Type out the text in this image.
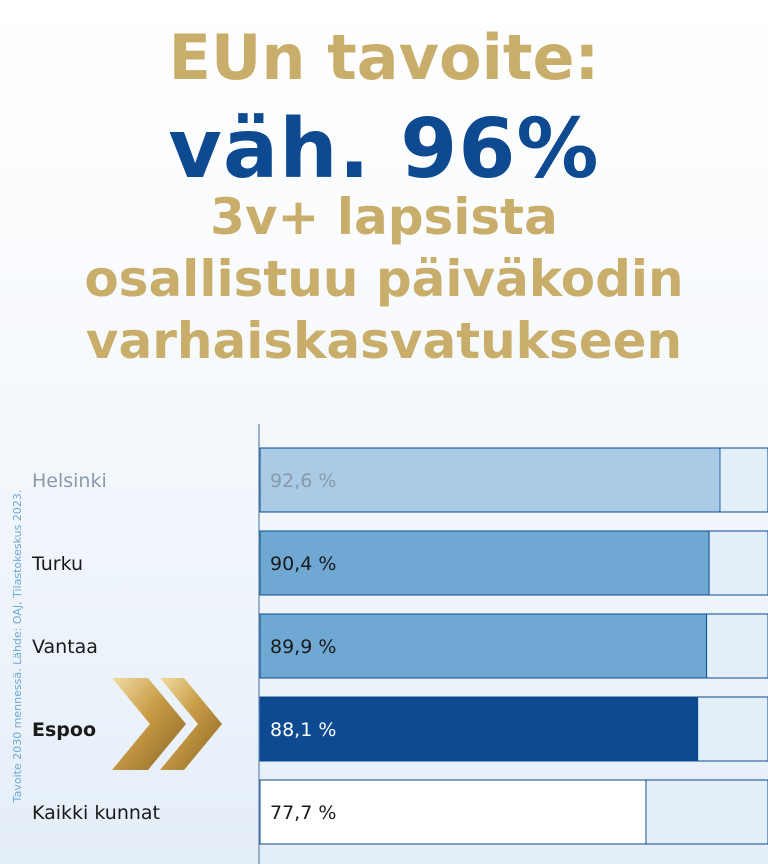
EUn tavoite:
väh. 96%
3v+ lapsista
osallistuu päiväkodin
varhaiskasvatukseen
Helsinki	92,6 %
Turku	90,4 %
Vantaa	89,9 %
Espoo	88,1 %
Kaikki kunnat	77,7 %
Tavoite 2030 mennessä. Lähde: OAJ, Tilastokeskus 2023.
